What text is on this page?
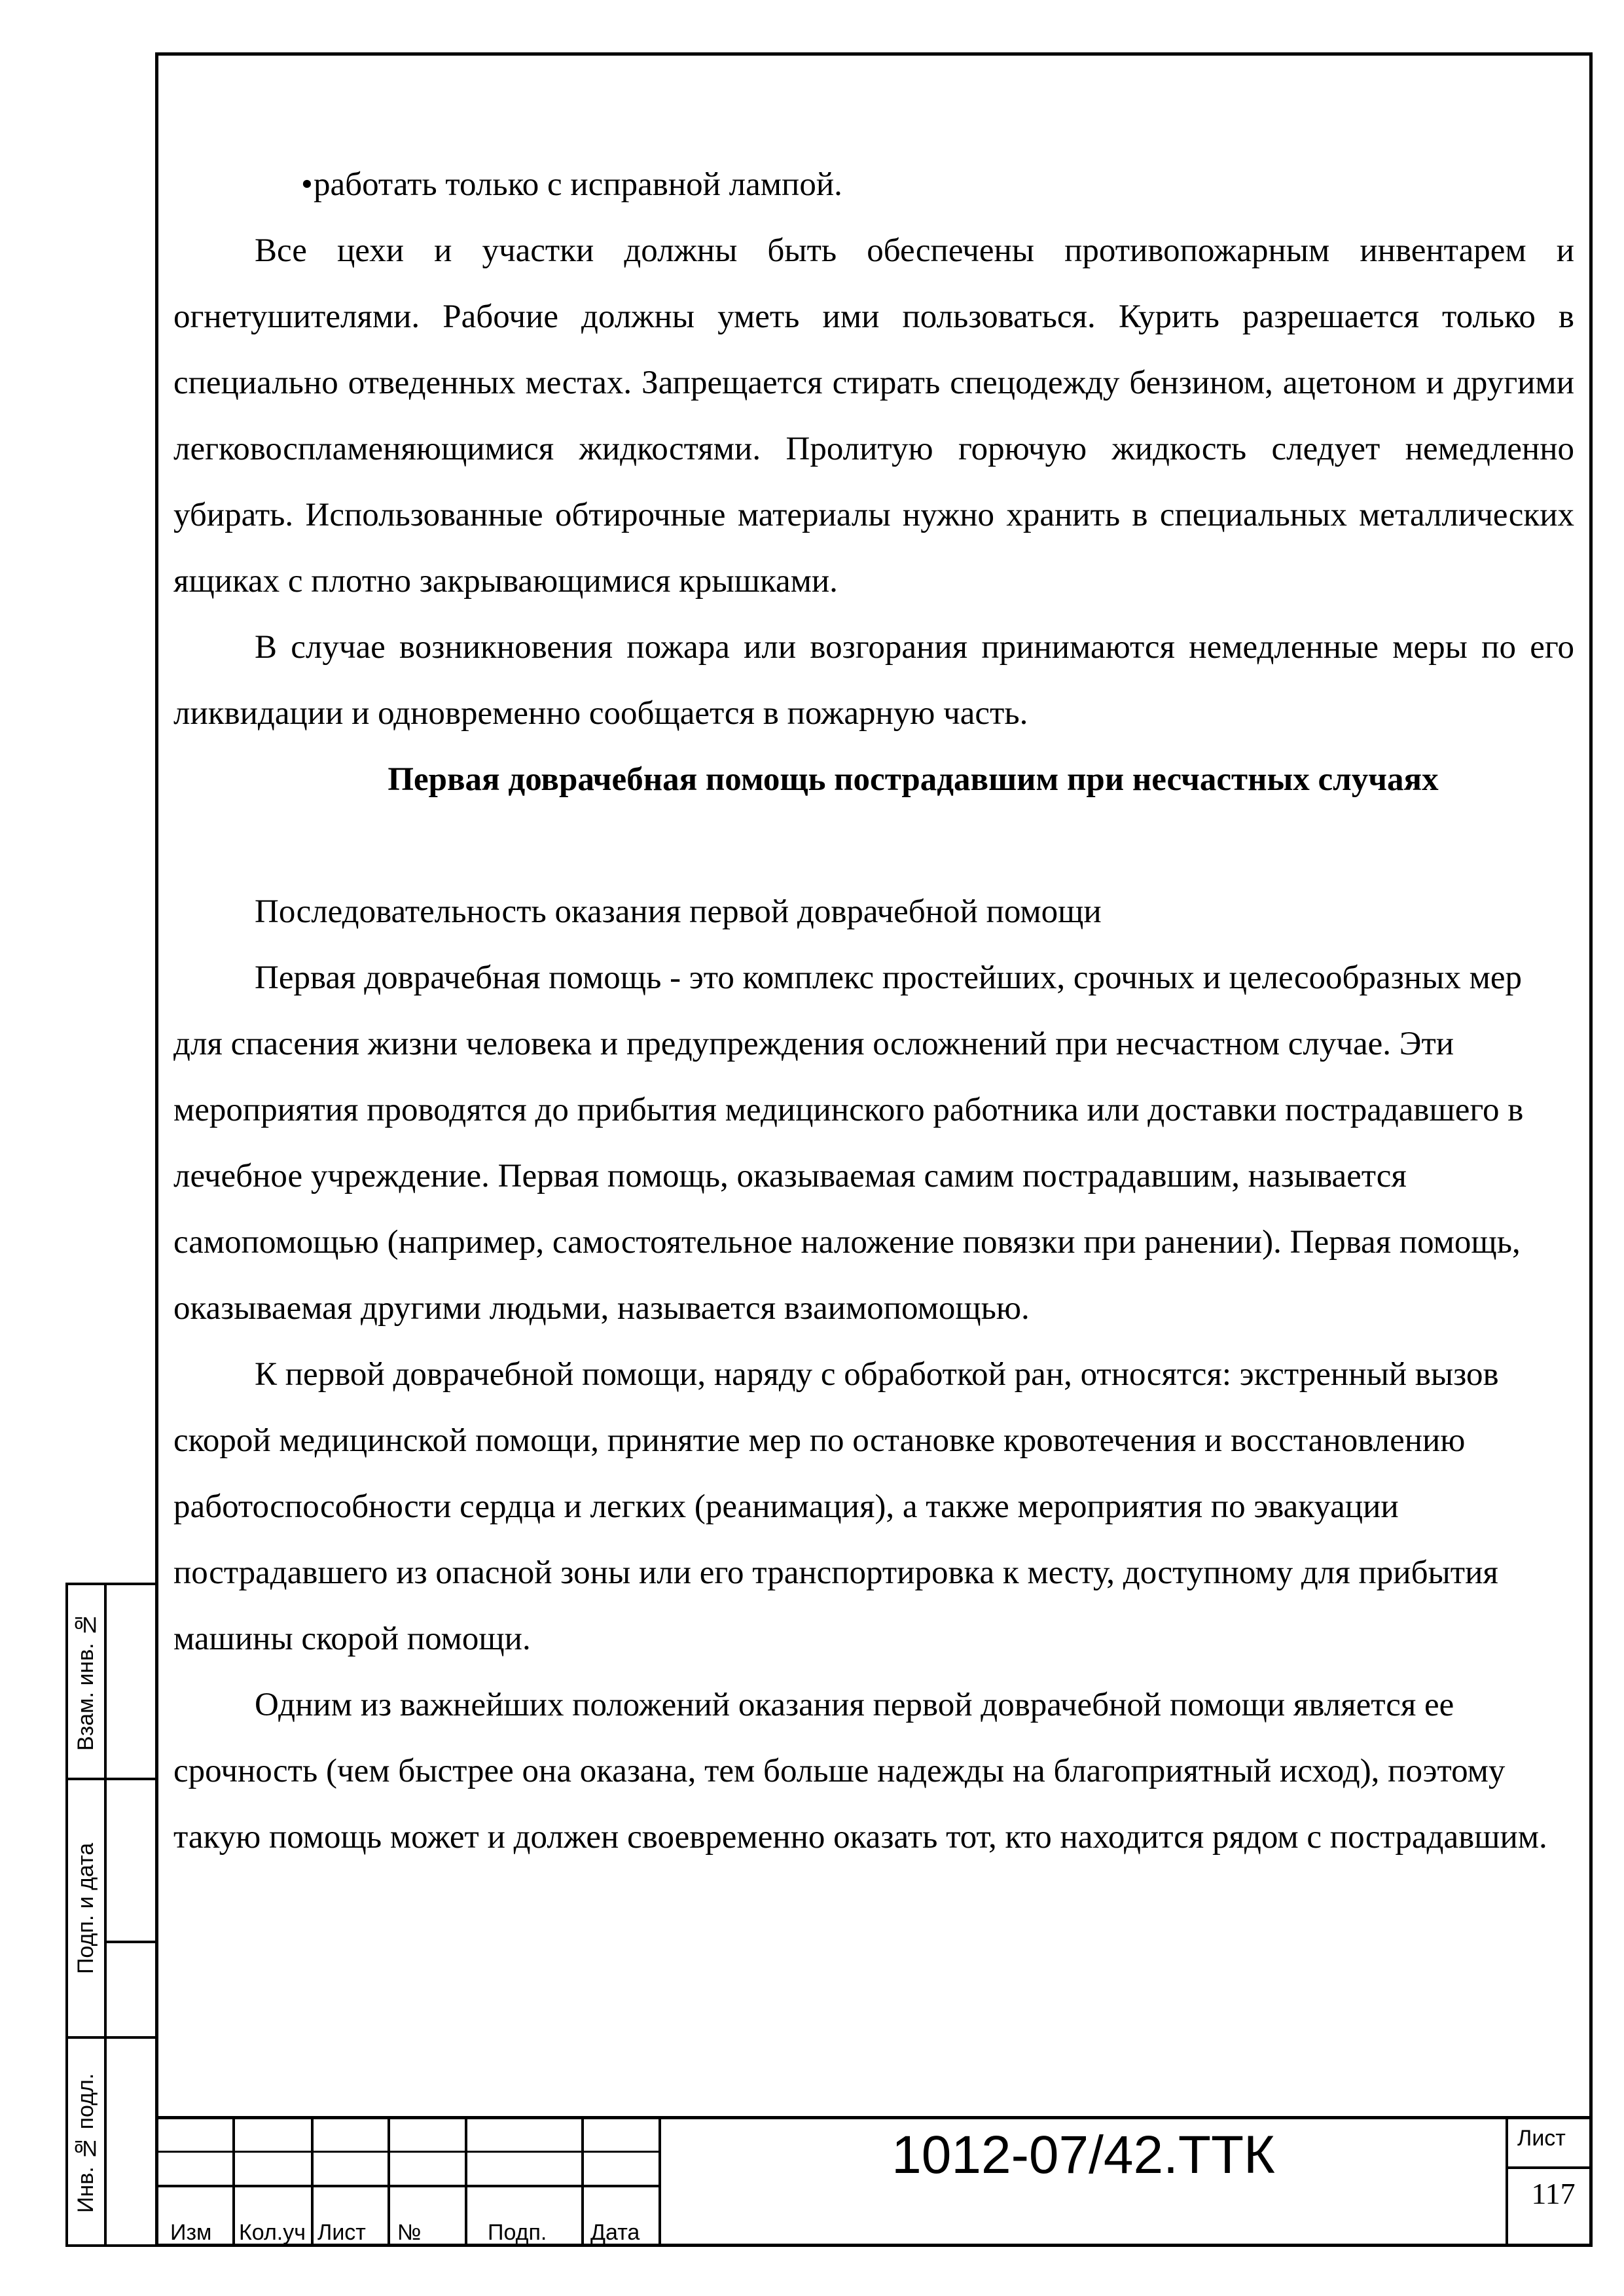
• работать только с исправной лампой.

Все цехи и участки должны быть обеспечены противопожарным инвентарем и огнетушителями. Рабочие должны уметь ими пользоваться. Курить разрешается только в специально отведенных местах. Запрещается стирать спецодежду бензином, ацетоном и другими легковоспламеняющимися жидкостями. Пролитую горючую жидкость следует немедленно убирать. Использованные обтирочные материалы нужно хранить в специальных металлических ящиках с плотно закрывающимися крышками.

В случае возникновения пожара или возгорания принимаются немедленные меры по его ликвидации и одновременно сообщается в пожарную часть.

Первая доврачебная помощь пострадавшим при несчастных случаях

Последовательность оказания первой доврачебной помощи

Первая доврачебная помощь - это комплекс простейших, срочных и целесообразных мер для спасения жизни человека и предупреждения осложнений при несчастном случае. Эти мероприятия проводятся до прибытия медицинского работника или доставки пострадавшего в лечебное учреждение. Первая помощь, оказываемая самим пострадавшим, называется самопомощью (например, самостоятельное наложение повязки при ранении). Первая помощь, оказываемая другими людьми, называется взаимопомощью.

К первой доврачебной помощи, наряду с обработкой ран, относятся: экстренный вызов скорой медицинской помощи, принятие мер по остановке кровотечения и восстановлению работоспособности сердца и легких (реанимация), а также мероприятия по эвакуации пострадавшего из опасной зоны или его транспортировка к месту, доступному для прибытия машины скорой помощи.

Одним из важнейших положений оказания первой доврачебной помощи является ее срочность (чем быстрее она оказана, тем больше надежды на благоприятный исход), поэтому такую помощь может и должен своевременно оказать тот, кто находится рядом с пострадавшим.

Взам. инв. №
Подп. и дата
Инв. № подл.
Изм Кол.уч Лист №	Подп. Дата
1012-07/42.ТТК	Лист
117
